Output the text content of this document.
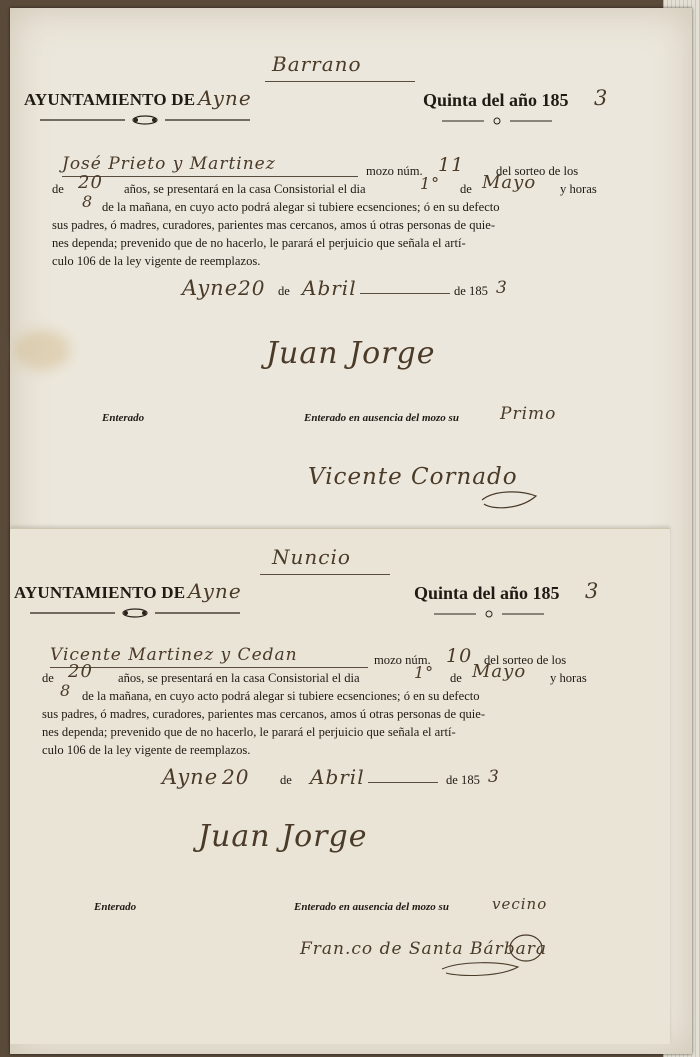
Barrano
AYUNTAMIENTO DE Ayne	Quinta del año 185 3
José Prieto y Martinez	mozo núm. 11	del sorteo de los
de 20 años, se presentará en la casa Consistorial el dia	1° de Mayo y horas
8 de la mañana, en cuyo acto podrá alegar si tubiere ecsenciones; ó en su defecto
sus padres, ó madres, curadores, parientes mas cercanos, amos ú otras personas de quie-
nes dependa; prevenido que de no hacerlo, le parará el perjuicio que señala el artí-
culo 106 de la ley vigente de reemplazos.
Ayne 20 de Abril	de 185 3
Juan Jorge
Enterado	Enterado en ausencia del mozo su Primo
Vicente Cornado
Nuncio
AYUNTAMIENTO DE Ayne	Quinta del año 185 3
Vicente Martinez y Cedan	mozo núm. 10 del sorteo de los
de 20 años, se presentará en la casa Consistorial el dia	1° de Mayo y horas
8 de la mañana, en cuyo acto podrá alegar si tubiere ecsenciones; ó en su defecto
sus padres, ó madres, curadores, parientes mas cercanos, amos ú otras personas de quie-
nes dependa; prevenido que de no hacerlo, le parará el perjuicio que señala el artí-
culo 106 de la ley vigente de reemplazos.
Ayne 20 de Abril	de 185 3
Juan Jorge
Enterado	Enterado en ausencia del mozo su	vecino
Fran.co de Santa Bárbara
